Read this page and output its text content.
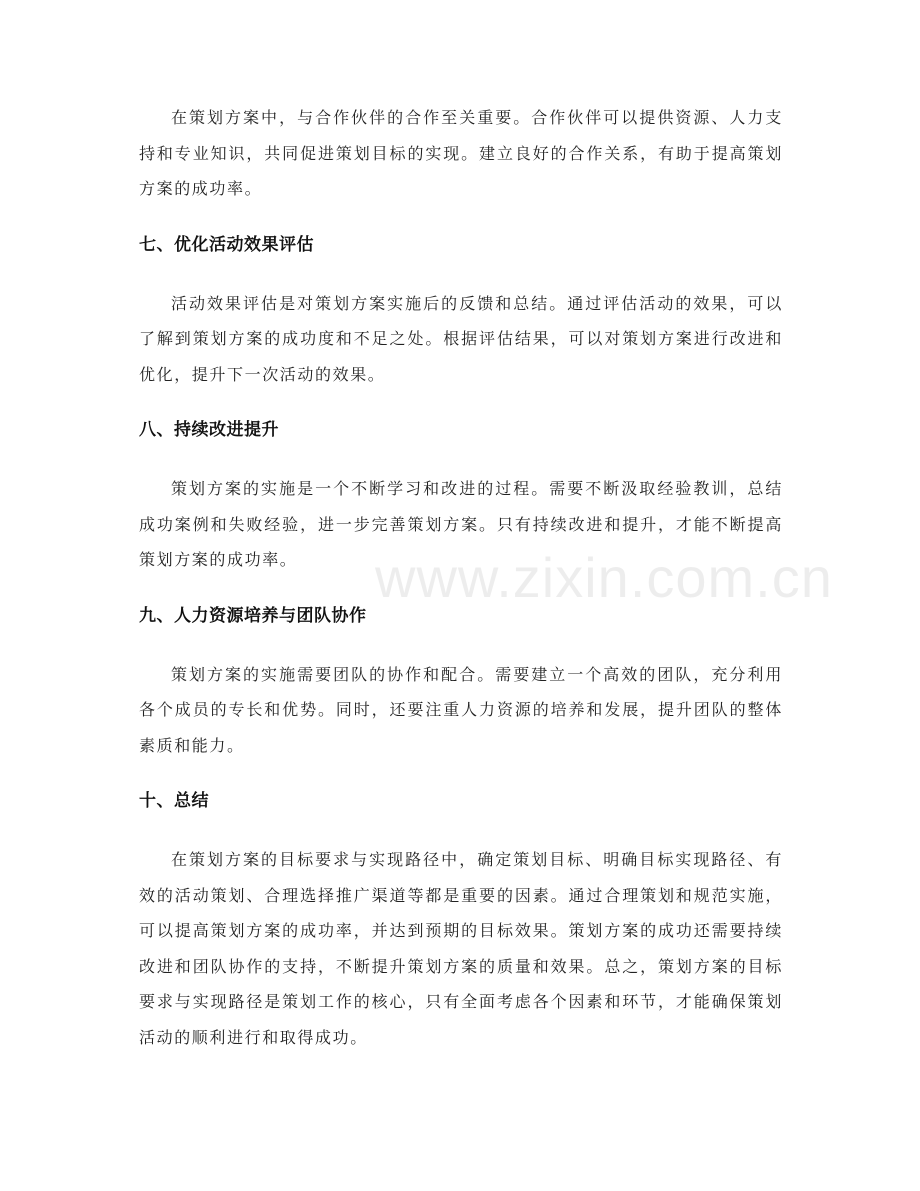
在策划方案中，与合作伙伴的合作至关重要。合作伙伴可以提供资源、人力支持和专业知识，共同促进策划目标的实现。建立良好的合作关系，有助于提高策划方案的成功率。

七、优化活动效果评估

活动效果评估是对策划方案实施后的反馈和总结。通过评估活动的效果，可以了解到策划方案的成功度和不足之处。根据评估结果，可以对策划方案进行改进和优化，提升下一次活动的效果。

八、持续改进提升

策划方案的实施是一个不断学习和改进的过程。需要不断汲取经验教训，总结成功案例和失败经验，进一步完善策划方案。只有持续改进和提升，才能不断提高策划方案的成功率。

九、人力资源培养与团队协作

策划方案的实施需要团队的协作和配合。需要建立一个高效的团队，充分利用各个成员的专长和优势。同时，还要注重人力资源的培养和发展，提升团队的整体素质和能力。

十、总结

在策划方案的目标要求与实现路径中，确定策划目标、明确目标实现路径、有效的活动策划、合理选择推广渠道等都是重要的因素。通过合理策划和规范实施，可以提高策划方案的成功率，并达到预期的目标效果。策划方案的成功还需要持续改进和团队协作的支持，不断提升策划方案的质量和效果。总之，策划方案的目标要求与实现路径是策划工作的核心，只有全面考虑各个因素和环节，才能确保策划活动的顺利进行和取得成功。

www.zixin.com.cn
